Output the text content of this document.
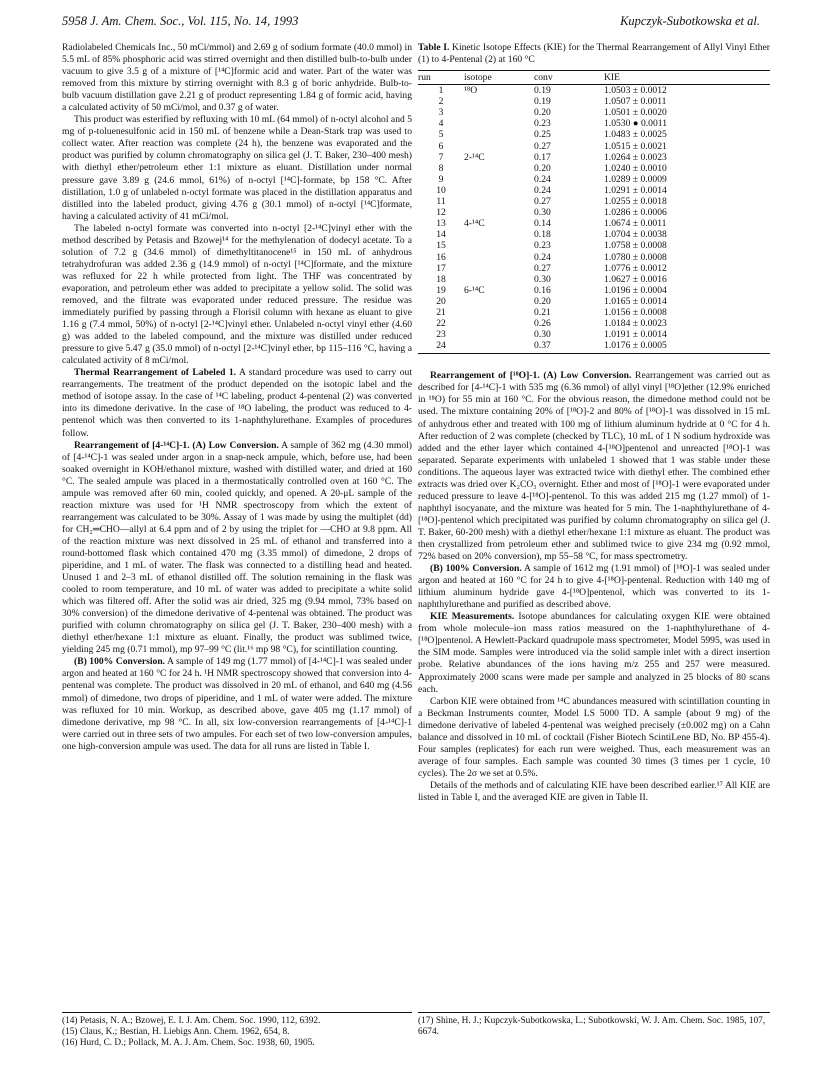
5958 J. Am. Chem. Soc., Vol. 115, No. 14, 1993	Kupczyk-Subotkowska et al.

Radiolabeled Chemicals Inc., 50 mCi/mmol) and 2.69 g of sodium formate (40.0 mmol) in 5.5 mL of 85% phosphoric acid was stirred overnight and then distilled bulb-to-bulb under vacuum to give 3.5 g of a mixture of [¹⁴C]formic acid and water. Part of the water was removed from this mixture by stirring overnight with 8.3 g of boric anhydride. Bulb-to-bulb vacuum distillation gave 2.21 g of product representing 1.84 g of formic acid, having a calculated activity of 50 mCi/mol, and 0.37 g of water.

This product was esterified by refluxing with 10 mL (64 mmol) of n-octyl alcohol and 5 mg of p-toluenesulfonic acid in 150 mL of benzene while a Dean-Stark trap was used to collect water. After reaction was complete (24 h), the benzene was evaporated and the product was purified by column chromatography on silica gel (J. T. Baker, 230–400 mesh) with diethyl ether/petroleum ether 1:1 mixture as eluant. Distillation under normal pressure gave 3.89 g (24.6 mmol, 61%) of n-octyl [¹⁴C]-formate, bp 158 °C. After distillation, 1.0 g of unlabeled n-octyl formate was placed in the distillation apparatus and distilled into the labeled product, giving 4.76 g (30.1 mmol) of n-octyl [¹⁴C]formate, having a calculated activity of 41 mCi/mol.

The labeled n-octyl formate was converted into n-octyl [2-¹⁴C]vinyl ether with the method described by Petasis and Bzowej¹⁴ for the methylenation of dodecyl acetate. To a solution of 7.2 g (34.6 mmol) of dimethyltitanocene¹⁵ in 150 mL of anhydrous tetrahydrofuran was added 2.36 g (14.9 mmol) of n-octyl [¹⁴C]formate, and the mixture was refluxed for 22 h while protected from light. The THF was concentrated by evaporation, and petroleum ether was added to precipitate a yellow solid. The solid was removed, and the filtrate was evaporated under reduced pressure. The residue was immediately purified by passing through a Florisil column with hexane as eluant to give 1.16 g (7.4 mmol, 50%) of n-octyl [2-¹⁴C]vinyl ether. Unlabeled n-octyl vinyl ether (4.60 g) was added to the labeled compound, and the mixture was distilled under reduced pressure to give 5.47 g (35.0 mmol) of n-octyl [2-¹⁴C]vinyl ether, bp 115–116 °C, having a calculated activity of 8 mCi/mol.

Thermal Rearrangement of Labeled 1. A standard procedure was used to carry out rearrangements. The treatment of the product depended on the isotopic label and the method of isotope assay. In the case of ¹⁴C labeling, product 4-pentenal (2) was converted into its dimedone derivative. In the case of ¹⁸O labeling, the product was reduced to 4-pentenol which was then converted to its 1-naphthylurethane. Examples of procedures follow.

Rearrangement of [4-¹⁴C]-1. (A) Low Conversion. A sample of 362 mg (4.30 mmol) of [4-¹⁴C]-1 was sealed under argon in a snap-neck ampule, which, before use, had been soaked overnight in KOH/ethanol mixture, washed with distilled water, and dried at 160 °C. The sealed ampule was placed in a thermostatically controlled oven at 160 °C. The ampule was removed after 60 min, cooled quickly, and opened. A 20-μL sample of the reaction mixture was used for ¹H NMR spectroscopy from which the extent of rearrangement was calculated to be 30%. Assay of 1 was made by using the multiplet (dd) for CH₂═CHO—allyl at 6.4 ppm and of 2 by using the triplet for —CHO at 9.8 ppm. All of the reaction mixture was next dissolved in 25 mL of ethanol and transferred into a round-bottomed flask which contained 470 mg (3.35 mmol) of dimedone, 2 drops of piperidine, and 1 mL of water. The flask was connected to a distilling head and heated. Unused 1 and 2–3 mL of ethanol distilled off. The solution remaining in the flask was cooled to room temperature, and 10 mL of water was added to precipitate a white solid which was filtered off. After the solid was air dried, 325 mg (9.94 mmol, 73% based on 30% conversion) of the dimedone derivative of 4-pentenal was obtained. The product was purified with column chromatography on silica gel (J. T. Baker, 230–400 mesh) with a diethyl ether/hexane 1:1 mixture as eluant. Finally, the product was sublimed twice, yielding 245 mg (0.71 mmol), mp 97–99 °C (lit.¹⁶ mp 98 °C), for scintillation counting.

(B) 100% Conversion. A sample of 149 mg (1.77 mmol) of [4-¹⁴C]-1 was sealed under argon and heated at 160 °C for 24 h. ¹H NMR spectroscopy showed that conversion into 4-pentenal was complete. The product was dissolved in 20 mL of ethanol, and 640 mg (4.56 mmol) of dimedone, two drops of piperidine, and 1 mL of water were added. The mixture was refluxed for 10 min. Workup, as described above, gave 405 mg (1.17 mmol) of dimedone derivative, mp 98 °C. In all, six low-conversion rearrangements of [4-¹⁴C]-1 were carried out in three sets of two ampules. For each set of two low-conversion ampules, one high-conversion ampule was used. The data for all runs are listed in Table I.

Table I. Kinetic Isotope Effects (KIE) for the Thermal Rearrangement of Allyl Vinyl Ether (1) to 4-Pentenal (2) at 160 °C

run	isotope	conv	KIE
1	¹⁸O	0.19	1.0503 ± 0.0012
2		0.19	1.0507 ± 0.0011
3		0.20	1.0501 ± 0.0020
4		0.23	1.0530 ● 0.0011
5		0.25	1.0483 ± 0.0025
6		0.27	1.0515 ± 0.0021
7	2-¹⁴C	0.17	1.0264 ± 0.0023
8		0.20	1.0240 ± 0.0010
9		0.24	1.0289 ± 0.0009
10		0.24	1.0291 ± 0.0014
11		0.27	1.0255 ± 0.0018
12		0.30	1.0286 ± 0.0006
13	4-¹⁴C	0.14	1.0674 ± 0.0011
14		0.18	1.0704 ± 0.0038
15		0.23	1.0758 ± 0.0008
16		0.24	1.0780 ± 0.0008
17		0.27	1.0776 ± 0.0012
18		0.30	1.0627 ± 0.0016
19	6-¹⁴C	0.16	1.0196 ± 0.0004
20		0.20	1.0165 ± 0.0014
21		0.21	1.0156 ± 0.0008
22		0.26	1.0184 ± 0.0023
23		0.30	1.0191 ± 0.0014
24		0.37	1.0176 ± 0.0005

Rearrangement of [¹⁸O]-1. (A) Low Conversion. Rearrangement was carried out as described for [4-¹⁴C]-1 with 535 mg (6.36 mmol) of allyl vinyl [¹⁸O]ether (12.9% enriched in ¹⁸O) for 55 min at 160 °C. For the obvious reason, the dimedone method could not be used. The mixture containing 20% of [¹⁸O]-2 and 80% of [¹⁸O]-1 was dissolved in 15 mL of anhydrous ether and treated with 100 mg of lithium aluminum hydride at 0 °C for 4 h. After reduction of 2 was complete (checked by TLC), 10 mL of 1 N sodium hydroxide was added and the ether layer which contained 4-[¹⁸O]pentenol and unreacted [¹⁸O]-1 was separated. Separate experiments with unlabeled 1 showed that 1 was stable under these conditions. The aqueous layer was extracted twice with diethyl ether. The combined ether extracts was dried over K₂CO₃ overnight. Ether and most of [¹⁸O]-1 were evaporated under reduced pressure to leave 4-[¹⁸O]-pentenol. To this was added 215 mg (1.27 mmol) of 1-naphthyl isocyanate, and the mixture was heated for 5 min. The 1-naphthylurethane of 4-[¹⁸O]-pentenol which precipitated was purified by column chromatography on silica gel (J. T. Baker, 60-200 mesh) with a diethyl ether/hexane 1:1 mixture as eluant. The product was then crystallized from petroleum ether and sublimed twice to give 234 mg (0.92 mmol, 72% based on 20% conversion), mp 55–58 °C, for mass spectrometry.

(B) 100% Conversion. A sample of 1612 mg (1.91 mmol) of [¹⁸O]-1 was sealed under argon and heated at 160 °C for 24 h to give 4-[¹⁸O]-pentenal. Reduction with 140 mg of lithium aluminum hydride gave 4-[¹⁸O]pentenol, which was converted to its 1-naphthylurethane and purified as described above.

KIE Measurements. Isotope abundances for calculating oxygen KIE were obtained from whole molecule–ion mass ratios measured on the 1-naphthylurethane of 4-[¹⁸O]pentenol. A Hewlett-Packard quadrupole mass spectrometer, Model 5995, was used in the SIM mode. Samples were introduced via the solid sample inlet with a direct insertion probe. Relative abundances of the ions having m/z 255 and 257 were measured. Approximately 2000 scans were made per sample and analyzed in 25 blocks of 80 scans each.

Carbon KIE were obtained from ¹⁴C abundances measured with scintillation counting in a Beckman Instruments counter, Model LS 5000 TD. A sample (about 9 mg) of the dimedone derivative of labeled 4-pentenal was weighed precisely (±0.002 mg) on a Cahn balance and dissolved in 10 mL of cocktail (Fisher Biotech ScintiLene BD, No. BP 455-4). Four samples (replicates) for each run were weighed. Thus, each measurement was an average of four samples. Each sample was counted 30 times (3 times per 1 cycle, 10 cycles). The 2σ we set at 0.5%.

Details of the methods and of calculating KIE have been described earlier.¹⁷ All KIE are listed in Table I, and the averaged KIE are given in Table II.

(14) Petasis, N. A.; Bzowej, E. I. J. Am. Chem. Soc. 1990, 112, 6392.
(15) Claus, K.; Bestian, H. Liebigs Ann. Chem. 1962, 654, 8.
(16) Hurd, C. D.; Pollack, M. A. J. Am. Chem. Soc. 1938, 60, 1905.
(17) Shine, H. J.; Kupczyk-Subotkowska, L.; Subotkowski, W. J. Am. Chem. Soc. 1985, 107, 6674.
